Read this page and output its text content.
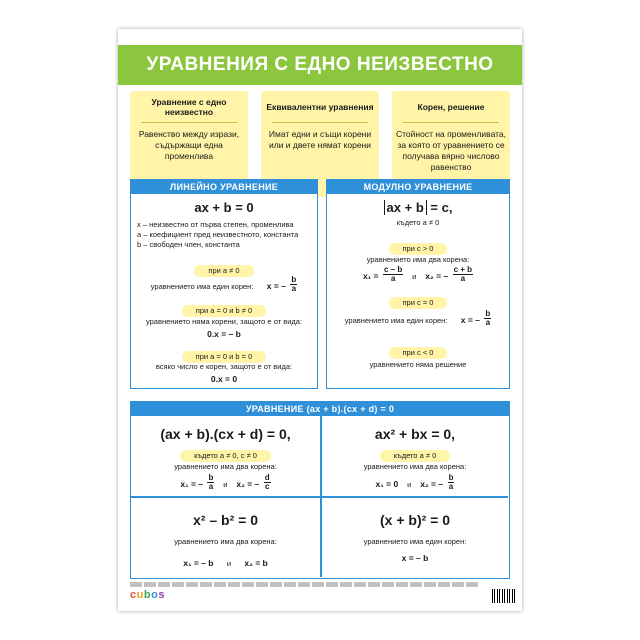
УРАВНЕНИЯ С ЕДНО НЕИЗВЕСТНО
Уравнение с едно неизвестно
Равенство между изрази, съдържащи една променлива
Еквивалентни уравнения
Имат едни и същи корени или и двете нямат корени
Корен, решение
Стойност на променливата, за която от уравнението се получава вярно числово равенство
ЛИНЕЙНО УРАВНЕНИЕ
ax + b = 0
x – неизвестно от първа степен, променлива
a – коефициент пред неизвестното, константа
b – свободен член, константа
при a ≠ 0
уравнението има един корен: x = – $\frac{b}{a}$
при a = 0 и b ≠ 0
уравнението няма корени, защото е от вида:
0.x = – b
при a = 0 и b = 0
всяко число е корен, защото е от вида:
0.x = 0
МОДУЛНО УРАВНЕНИЕ
ax + b = c,
където a ≠ 0
при c > 0
уравнението има два корена:
$x_1 = \frac{c - b}{a}$ и x₂ = – $\frac{c + b}{a}$
при c = 0
уравнението има един корен: x = – $\frac{b}{a}$
при c < 0
уравнението няма решение
УРАВНЕНИЕ (ax + b).(cx + d) = 0
(ax + b).(cx + d) = 0,
където a ≠ 0, c ≠ 0
уравнението има два корена:
x₁ = – $\frac{b}{a}$ и x₂ = – $\frac{d}{c}$
ax² + bx = 0,
където a ≠ 0
уравнението има два корена:
x₁ = 0 и x₂ = – $\frac{b}{a}$
x² – b² = 0
уравнението има два корена:
x₁ = – b и x₂ = b
(x + b)² = 0
уравнението има един корен:
x = – b
cubos
